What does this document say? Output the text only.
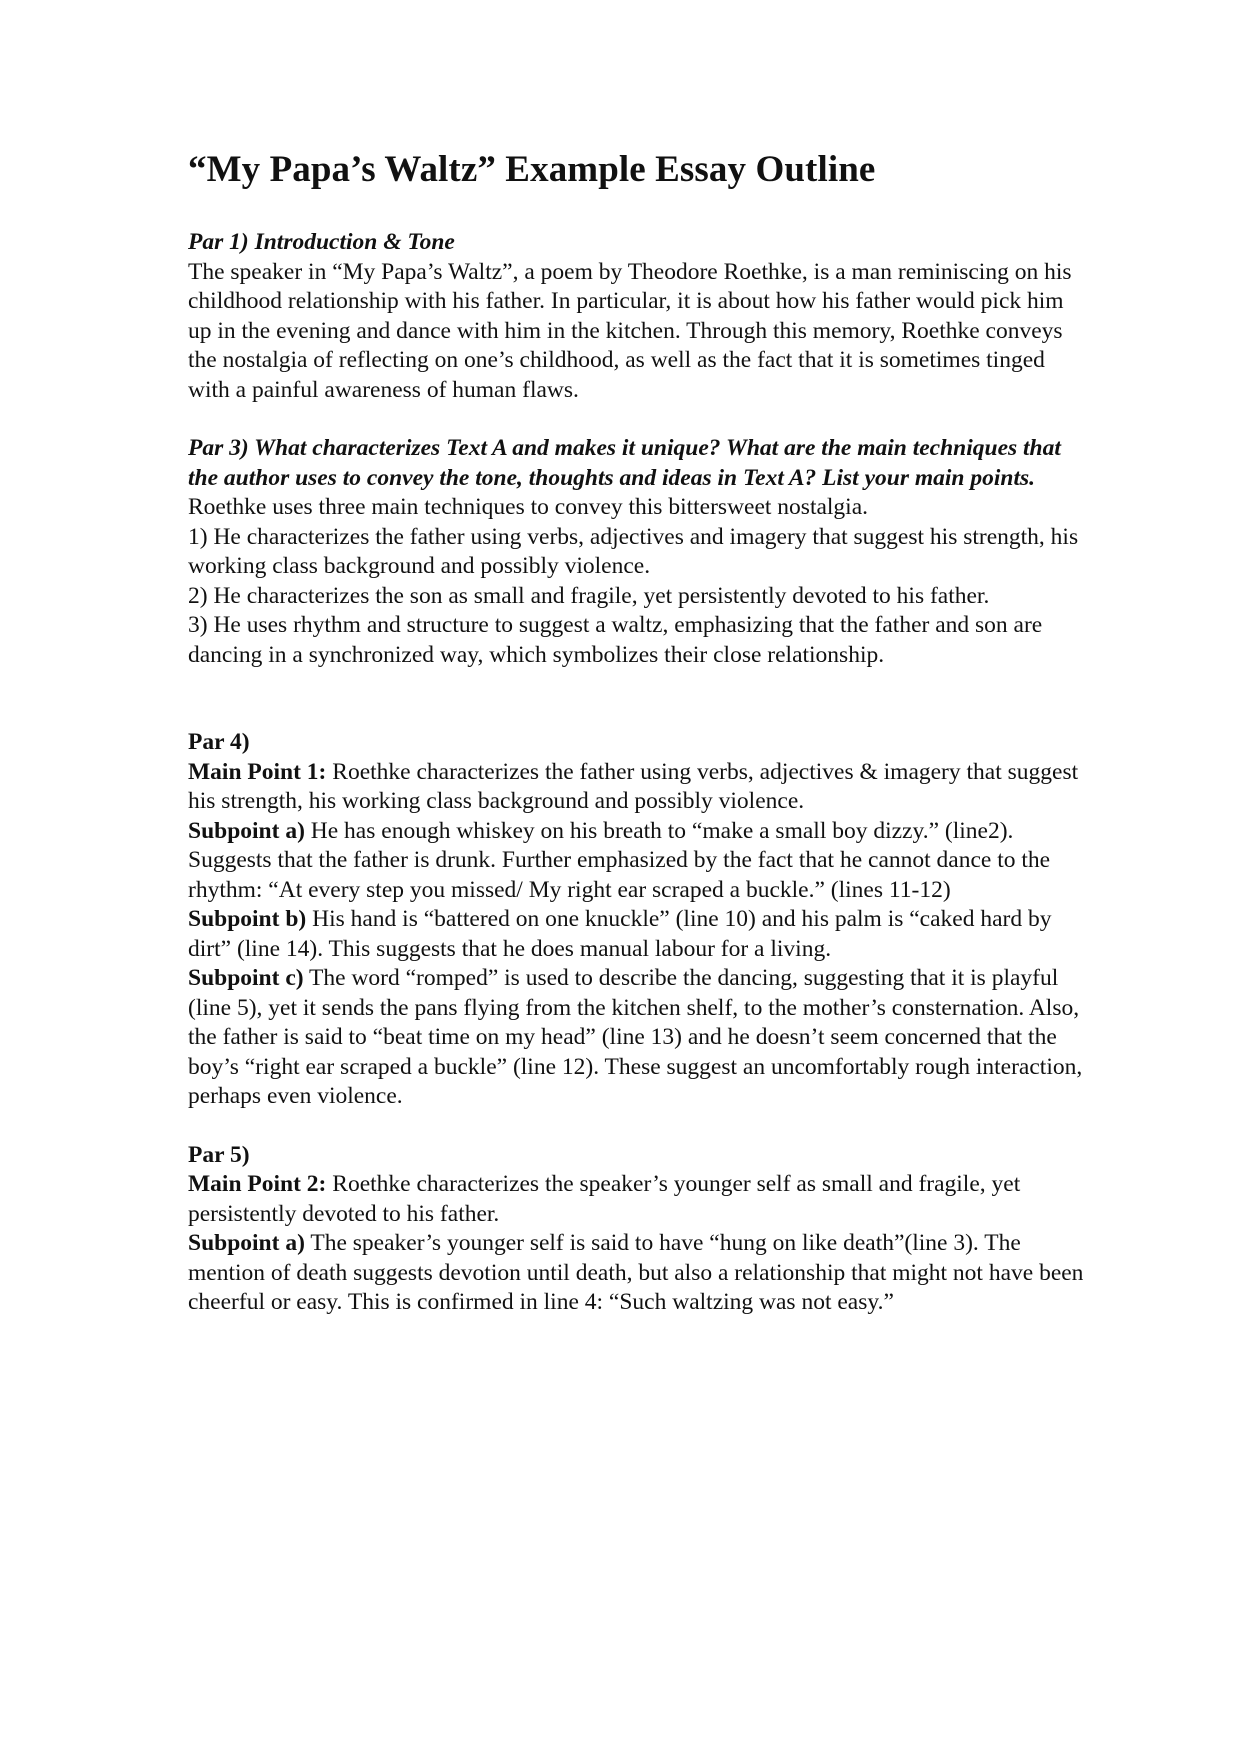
“My Papa’s Waltz” Example Essay Outline
Par 1) Introduction & Tone

The speaker in “My Papa’s Waltz”, a poem by Theodore Roethke, is a man reminiscing on his childhood relationship with his father. In particular, it is about how his father would pick him up in the evening and dance with him in the kitchen. Through this memory, Roethke conveys the nostalgia of reflecting on one’s childhood, as well as the fact that it is sometimes tinged with a painful awareness of human flaws.

Par 3) What characterizes Text A and makes it unique? What are the main techniques that the author uses to convey the tone, thoughts and ideas in Text A? List your main points.

Roethke uses three main techniques to convey this bittersweet nostalgia.

1) He characterizes the father using verbs, adjectives and imagery that suggest his strength, his working class background and possibly violence.

2) He characterizes the son as small and fragile, yet persistently devoted to his father.

3) He uses rhythm and structure to suggest a waltz, emphasizing that the father and son are dancing in a synchronized way, which symbolizes their close relationship.

Par 4)

Main Point 1: Roethke characterizes the father using verbs, adjectives & imagery that suggest his strength, his working class background and possibly violence.

Subpoint a) He has enough whiskey on his breath to “make a small boy dizzy.” (line2). Suggests that the father is drunk. Further emphasized by the fact that he cannot dance to the rhythm: “At every step you missed/ My right ear scraped a buckle.” (lines 11-12)

Subpoint b) His hand is “battered on one knuckle” (line 10) and his palm is “caked hard by dirt” (line 14). This suggests that he does manual labour for a living.

Subpoint c) The word “romped” is used to describe the dancing, suggesting that it is playful (line 5), yet it sends the pans flying from the kitchen shelf, to the mother’s consternation. Also, the father is said to “beat time on my head” (line 13) and he doesn’t seem concerned that the boy’s “right ear scraped a buckle” (line 12). These suggest an uncomfortably rough interaction, perhaps even violence.

Par 5)

Main Point 2: Roethke characterizes the speaker’s younger self as small and fragile, yet persistently devoted to his father.

Subpoint a) The speaker’s younger self is said to have “hung on like death”(line 3). The mention of death suggests devotion until death, but also a relationship that might not have been cheerful or easy. This is confirmed in line 4: “Such waltzing was not easy.”
